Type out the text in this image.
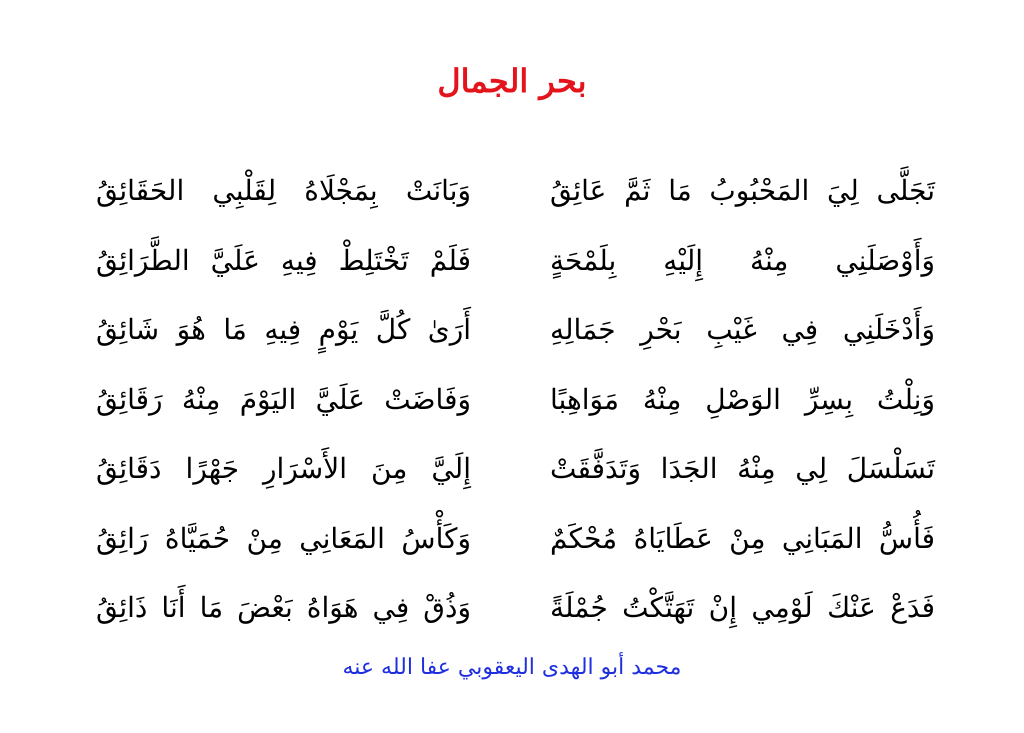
بحر الجمال
تَجَلَّى لِيَ المَحْبُوبُ مَا ثَمَّ عَائِقُ
وَبَانَتْ بِمَجْلَاهُ لِقَلْبِي الحَقَائِقُ
وَأَوْصَلَنِي مِنْهُ إِلَيْهِ بِلَمْحَةٍ
فَلَمْ تَخْتَلِطْ فِيهِ عَلَيَّ الطَّرَائِقُ
وَأَدْخَلَنِي فِي غَيْبِ بَحْرِ جَمَالِهِ
أَرَىٰ كُلَّ يَوْمٍ فِيهِ مَا هُوَ شَائِقُ
وَنِلْتُ بِسِرِّ الوَصْلِ مِنْهُ مَوَاهِبًا
وَفَاضَتْ عَلَيَّ اليَوْمَ مِنْهُ رَقَائِقُ
تَسَلْسَلَ لِي مِنْهُ الجَدَا وَتَدَفَّقَتْ
إِلَيَّ مِنَ الأَسْرَارِ جَهْرًا دَقَائِقُ
فَأُسُّ المَبَانِي مِنْ عَطَايَاهُ مُحْكَمٌ
وَكَأْسُ المَعَانِي مِنْ حُمَيَّاهُ رَائِقُ
فَدَعْ عَنْكَ لَوْمِي إِنْ تَهَتَّكْتُ جُمْلَةً
وَذُقْ فِي هَوَاهُ بَعْضَ مَا أَنَا ذَائِقُ
محمد أبو الهدى اليعقوبي عفا الله عنه
